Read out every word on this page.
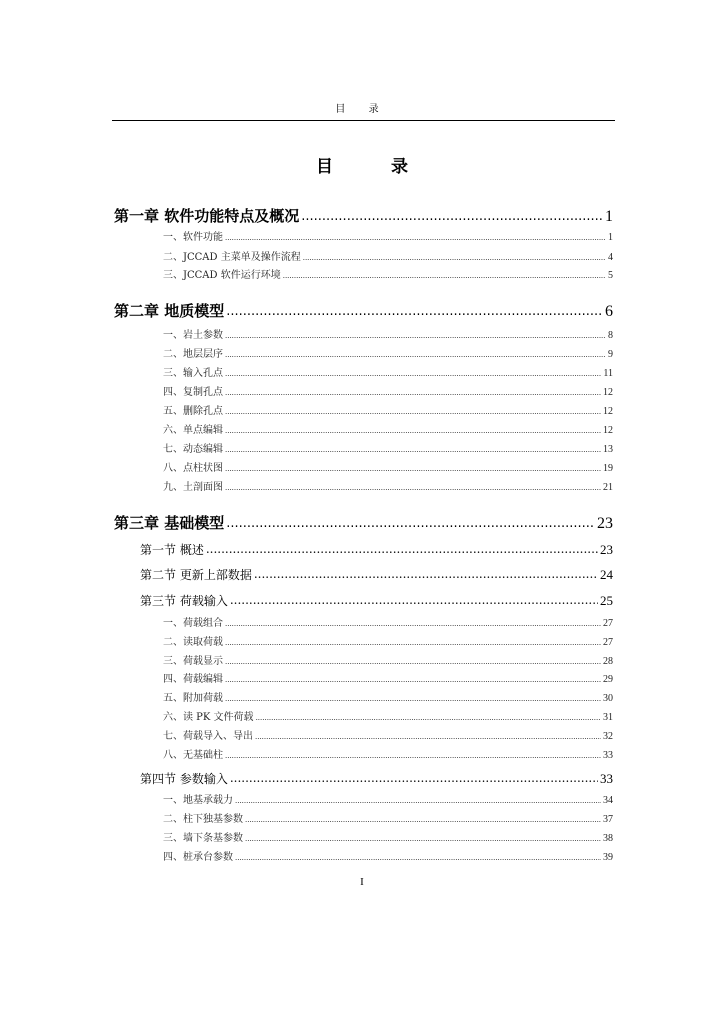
目 录
目 录
第一章 软件功能特点及概况 .....	1
一、软件功能 .....	1
二、JCCAD 主菜单及操作流程 .....	4
三、JCCAD 软件运行环境 .....	5
第二章 地质模型 .....	6
一、岩土参数 .....	8
二、地层层序 .....	9
三、输入孔点 .....	11
四、复制孔点 .....	12
五、删除孔点 .....	12
六、单点编辑 .....	12
七、动态编辑 .....	13
八、点柱状图 .....	19
九、土剖面图 .....	21
第三章 基础模型 .....	23
第一节 概述 .....	23
第二节 更新上部数据 .....	24
第三节 荷载输入 .....	25
一、荷载组合 .....	27
二、读取荷载 .....	27
三、荷载显示 .....	28
四、荷载编辑 .....	29
五、附加荷载 .....	30
六、读 PK 文件荷载 .....	31
七、荷载导入、导出 .....	32
八、无基础柱 .....	33
第四节 参数输入 .....	33
一、地基承载力 .....	34
二、柱下独基参数 .....	37
三、墙下条基参数 .....	38
四、桩承台参数 .....	39
I
